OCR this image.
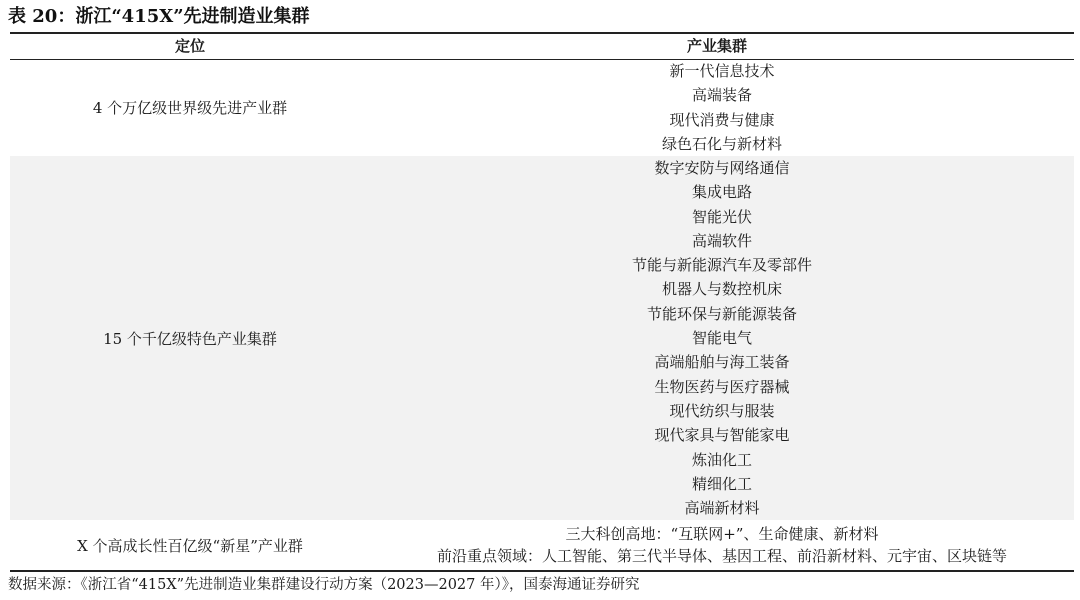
表 20：浙江“415X”先进制造业集群
定位	产业集群
4 个万亿级世界级先进产业群
新一代信息技术
高端装备
现代消费与健康
绿色石化与新材料
15 个千亿级特色产业集群
数字安防与网络通信
集成电路
智能光伏
高端软件
节能与新能源汽车及零部件
机器人与数控机床
节能环保与新能源装备
智能电气
高端船舶与海工装备
生物医药与医疗器械
现代纺织与服装
现代家具与智能家电
炼油化工
精细化工
高端新材料
X 个高成长性百亿级“新星”产业群
三大科创高地：“互联网+”、生命健康、新材料
前沿重点领域：人工智能、第三代半导体、基因工程、前沿新材料、元宇宙、区块链等
数据来源：《浙江省“415X”先进制造业集群建设行动方案（2023—2027 年）》，国泰海通证券研究
